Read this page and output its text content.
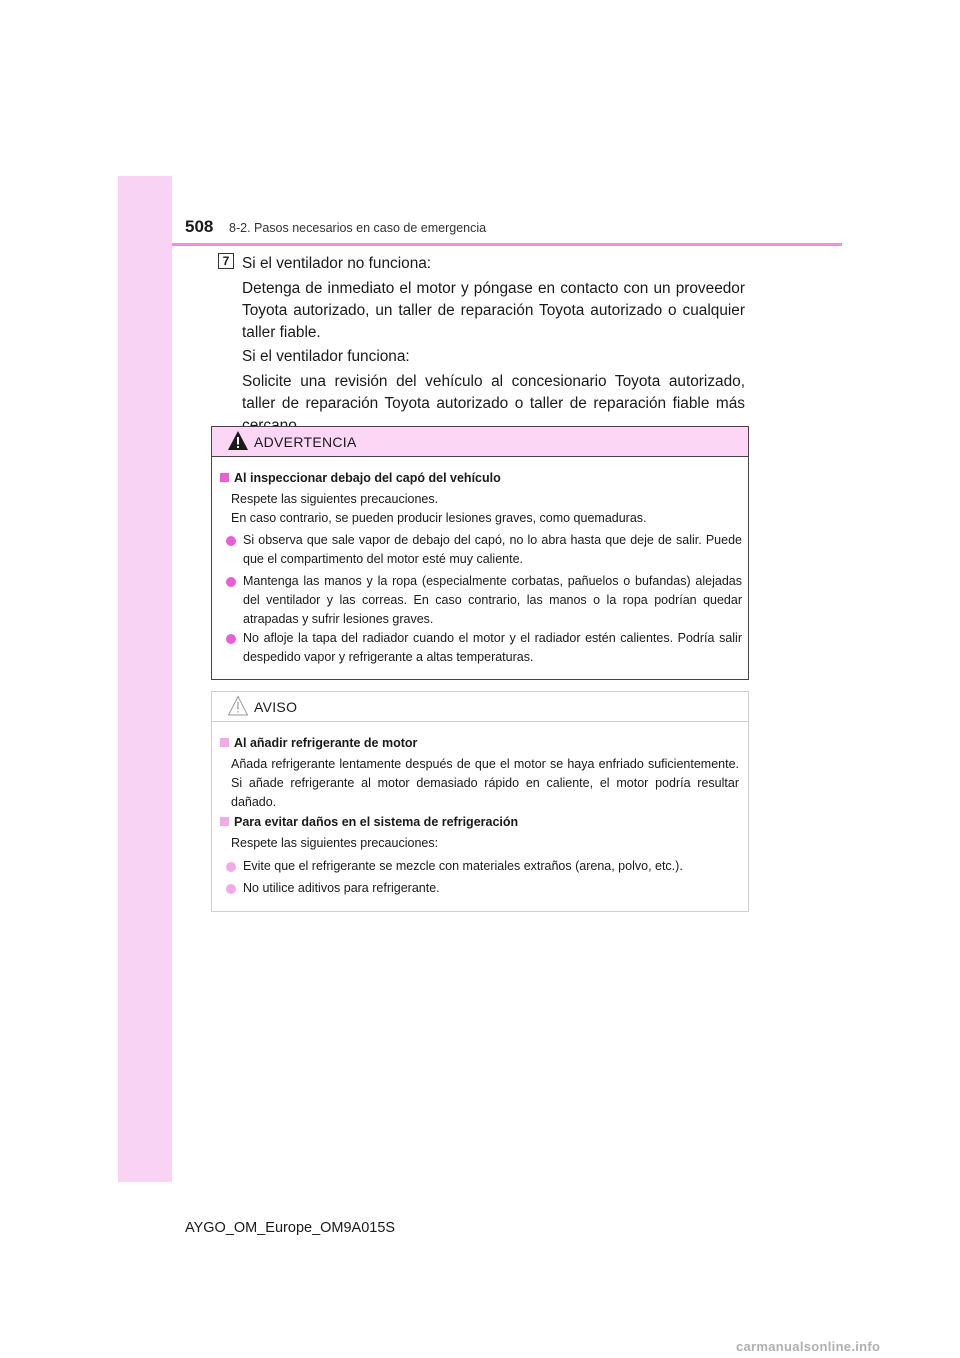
508 8-2. Pasos necesarios en caso de emergencia
7 Si el ventilador no funciona:

Detenga de inmediato el motor y póngase en contacto con un proveedor Toyota autorizado, un taller de reparación Toyota autorizado o cualquier taller fiable.

Si el ventilador funciona:

Solicite una revisión del vehículo al concesionario Toyota autorizado, taller de reparación Toyota autorizado o taller de reparación fiable más

ADVERTENCIA
Al inspeccionar debajo del capó del vehículo

Respete las siguientes precauciones.

En caso contrario, se pueden producir lesiones graves, como quemaduras.

Si observa que sale vapor de debajo del capó, no lo abra hasta que deje de salir. Puede que el compartimento del motor esté muy caliente.

Mantenga las manos y la ropa (especialmente corbatas, pañuelos o bufandas) alejadas del ventilador y las correas. En caso contrario, las manos o la ropa podrían quedar atrapadas y sufrir lesiones graves.

No afloje la tapa del radiador cuando el motor y el radiador estén calientes. Podría salir despedido vapor y refrigerante a altas temperaturas.

AVISO
Al añadir refrigerante de motor

Añada refrigerante lentamente después de que el motor se haya enfriado suficientemente. Si añade refrigerante al motor demasiado rápido en caliente, el motor podría resultar dañado.

Para evitar daños en el sistema de refrigeración

Respete las siguientes precauciones:

Evite que el refrigerante se mezcle con materiales extraños (arena, polvo, etc.).

No utilice aditivos para refrigerante.

AYGO_OM_Europe_OM9A015S
carmanualsonline.info
